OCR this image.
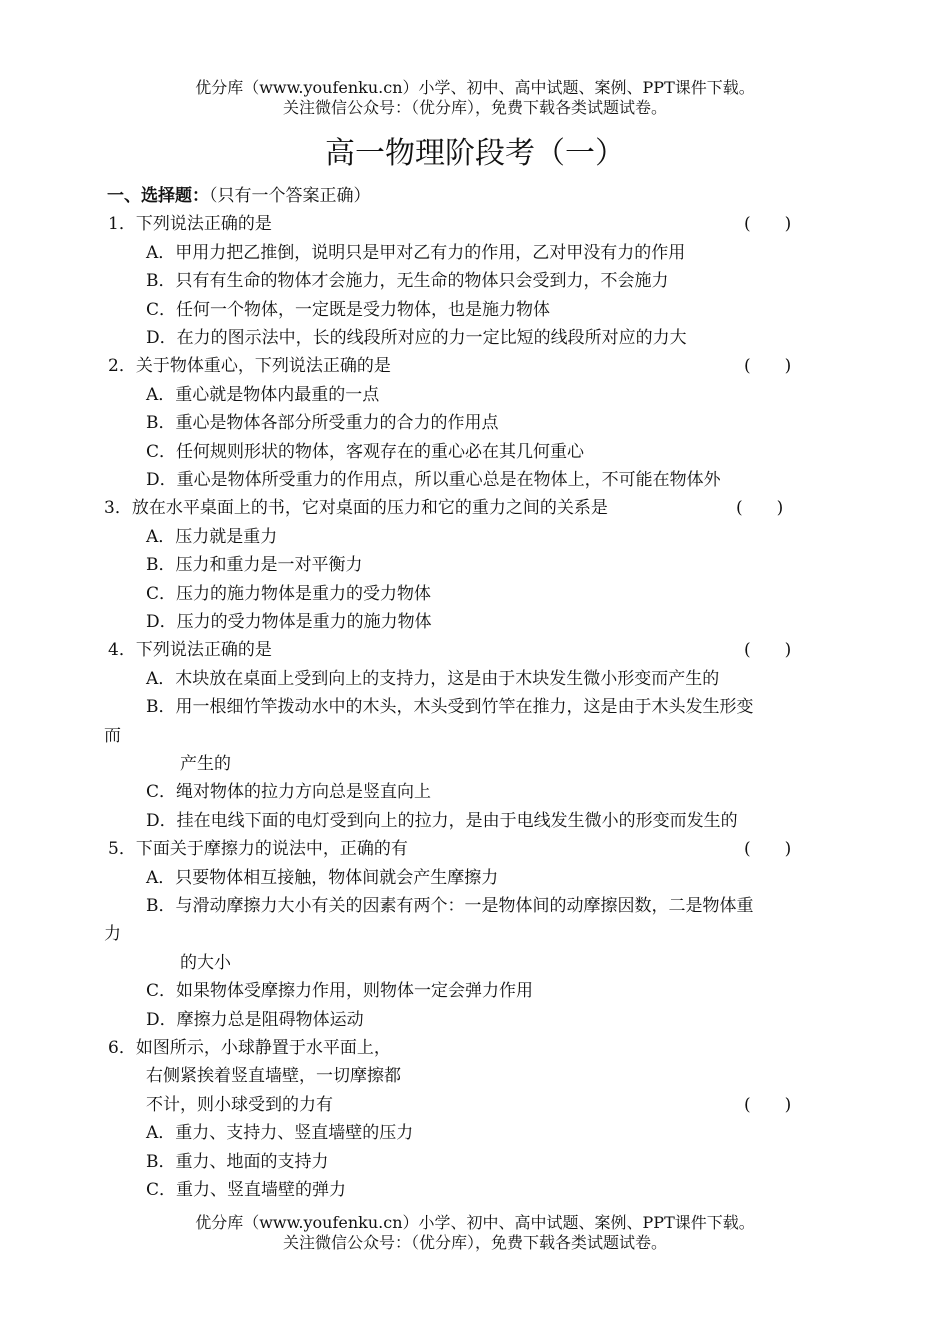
优分库（www.youfenku.cn）小学、初中、高中试题、案例、PPT课件下载。
关注微信公众号：（优分库），免费下载各类试题试卷。
高一物理阶段考（一）
一、选择题：（只有一个答案正确）
1．下列说法正确的是	(　　)
A．甲用力把乙推倒，说明只是甲对乙有力的作用，乙对甲没有力的作用
B．只有有生命的物体才会施力，无生命的物体只会受到力，不会施力
C．任何一个物体，一定既是受力物体，也是施力物体
D．在力的图示法中，长的线段所对应的力一定比短的线段所对应的力大
2．关于物体重心，下列说法正确的是	(　　)
A．重心就是物体内最重的一点
B．重心是物体各部分所受重力的合力的作用点
C．任何规则形状的物体，客观存在的重心必在其几何重心
D．重心是物体所受重力的作用点，所以重心总是在物体上，不可能在物体外
3．放在水平桌面上的书，它对桌面的压力和它的重力之间的关系是	(　　)
A．压力就是重力
B．压力和重力是一对平衡力
C．压力的施力物体是重力的受力物体
D．压力的受力物体是重力的施力物体
4．下列说法正确的是	(　　)
A．木块放在桌面上受到向上的支持力，这是由于木块发生微小形变而产生的
B．用一根细竹竿拨动水中的木头，木头受到竹竿在推力，这是由于木头发生形变
而
产生的
C．绳对物体的拉力方向总是竖直向上
D．挂在电线下面的电灯受到向上的拉力，是由于电线发生微小的形变而发生的
5．下面关于摩擦力的说法中，正确的有	(　　)
A．只要物体相互接触，物体间就会产生摩擦力
B．与滑动摩擦力大小有关的因素有两个：一是物体间的动摩擦因数，二是物体重
力
的大小
C．如果物体受摩擦力作用，则物体一定会弹力作用
D．摩擦力总是阻碍物体运动
6．如图所示，小球静置于水平面上，
右侧紧挨着竖直墙壁，一切摩擦都
不计，则小球受到的力有	(　　)
A．重力、支持力、竖直墙壁的压力
B．重力、地面的支持力
C．重力、竖直墙壁的弹力
优分库（www.youfenku.cn）小学、初中、高中试题、案例、PPT课件下载。
关注微信公众号：（优分库），免费下载各类试题试卷。
